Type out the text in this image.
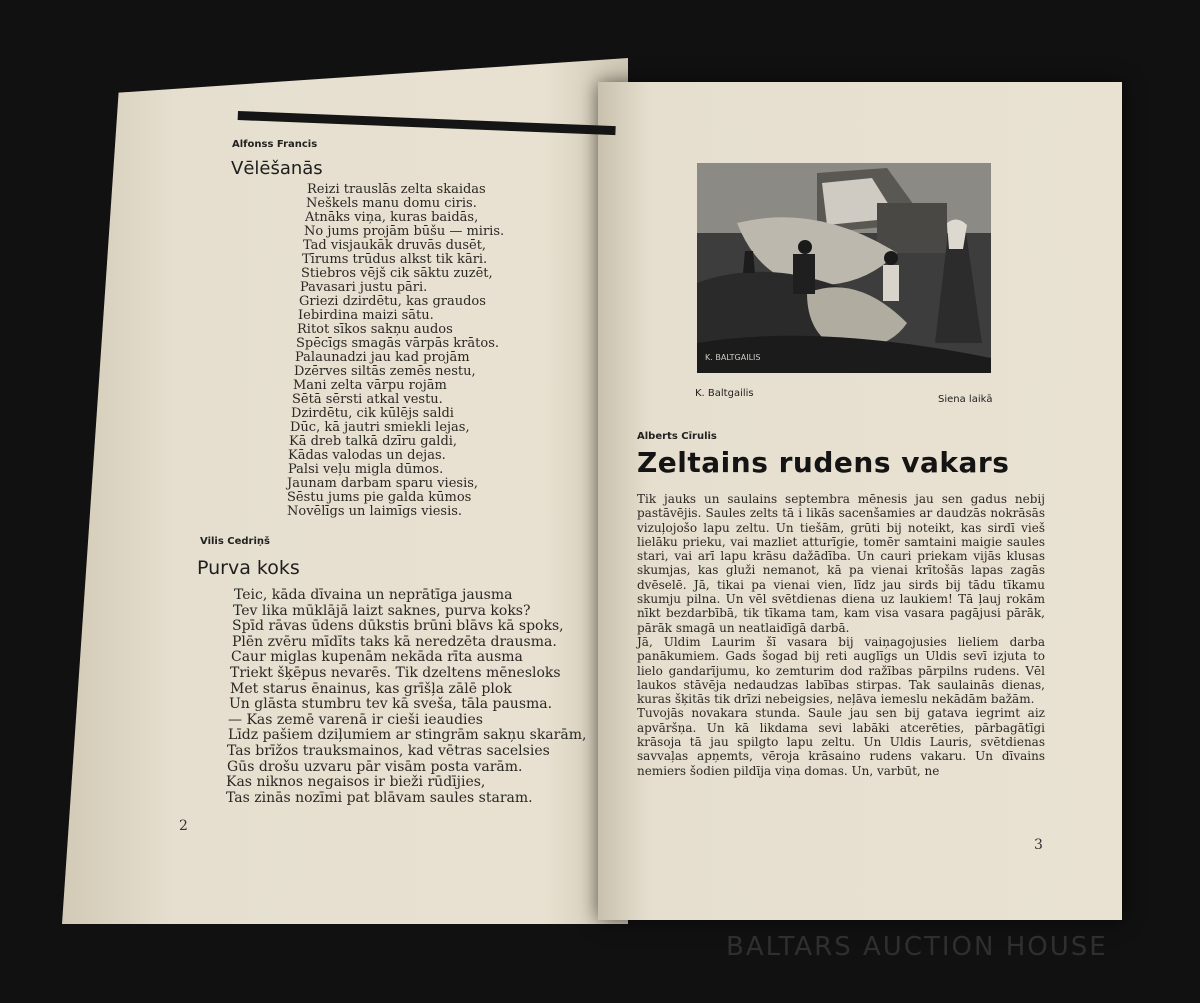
Alfonss Francis
Vēlēšanās
Reizi trauslās zelta skaidas
Neškels manu domu ciris.
Atnāks viņa, kuras baidās,
No jums projām būšu — miris.
Tad visjaukāk druvās dusēt,
Tīrums trūdus alkst tik kāri.
Stiebros vējš cik sāktu zuzēt,
Pavasari justu pāri.
Griezi dzirdētu, kas graudos
Iebirdina maizi sātu.
Ritot sīkos sakņu audos
Spēcīgs smagās vārpās krātos.
Palaunadzi jau kad projām
Dzērves siltās zemēs nestu,
Mani zelta vārpu rojām
Sētā sērsti atkal vestu.
Dzirdētu, cik kūlējs saldi
Dūc, kā jautri smiekli lejas,
Kā dreb talkā dzīru galdi,
Kādas valodas un dejas.
Palsi veļu migla dūmos.
Jaunam darbam sparu viesis,
Sēstu jums pie galda kūmos
Novēlīgs un laimīgs viesis.
Vilis Cedriņš
Purva koks
Teic, kāda dīvaina un neprātīga jausma
Tev lika mūklājā laizt saknes, purva koks?
Spīd rāvas ūdens dūkstis brūni blāvs kā spoks,
Plēn zvēru mīdīts taks kā neredzēta drausma.
Caur miglas kupenām nekāda rīta ausma
Triekt šķēpus nevarēs. Tik dzeltens mēnesloks
Met starus ēnainus, kas grīšļa zālē plok
Un glāsta stumbru tev kā sveša, tāla pausma.
— Kas zemē varenā ir cieši ieaudies
Līdz pašiem dziļumiem ar stingrām sakņu skarām,
Tas brīžos trauksmainos, kad vētras sacelsies
Gūs drošu uzvaru pār visām posta varām.
Kas niknos negaisos ir bieži rūdījies,
Tas zinās nozīmi pat blāvam saules staram.
2
K. BALTGAILIS
K. Baltgailis
Siena laikā
Alberts Cīrulis
Zeltains rudens vakars

Tik jauks un saulains septembra mēnesis jau sen gadus nebij pastāvējis. Saules zelts tā i likās sacenšamies ar daudzās nokrāsās vizuļojošo lapu zeltu. Un tiešām, grūti bij noteikt, kas sirdī vieš lielāku prieku, vai mazliet atturīgie, tomēr samtaini maigie saules stari, vai arī lapu krāsu dažādība. Un cauri priekam vijās klusas skumjas, kas gluži nemanot, kā pa vienai krītošās lapas zagās dvēselē. Jā, tikai pa vienai vien, līdz jau sirds bij tādu tīkamu skumju pilna. Un vēl svētdienas diena uz laukiem! Tā ļauj rokām nīkt bezdarbībā, tik tīkama tam, kam visa vasara pagājusi pārāk, pārāk smagā un neatlaidīgā darbā.

Jā, Uldim Laurim šī vasara bij vaiņagojusies lieliem darba panākumiem. Gads šogad bij reti auglīgs un Uldis sevī izjuta to lielo gandarījumu, ko zemturim dod ražības pārpilns rudens. Vēl laukos stāvēja nedaudzas labības stirpas. Tak saulainās dienas, kuras šķitās tik drīzi nebeigsies, neļāva iemeslu nekādām bažām.

Tuvojās novakara stunda. Saule jau sen bij gatava iegrimt aiz apvāršņa. Un kā likdama sevi labāki atcerēties, pārbagātīgi krāsoja tā jau spilgto lapu zeltu. Un Uldis Lauris, svētdienas savvaļas apņemts, vēroja krāsaino rudens vakaru. Un dīvains nemiers šodien pildīja viņa domas. Un, varbūt, ne

3
BALTARS AUCTION HOUSE
